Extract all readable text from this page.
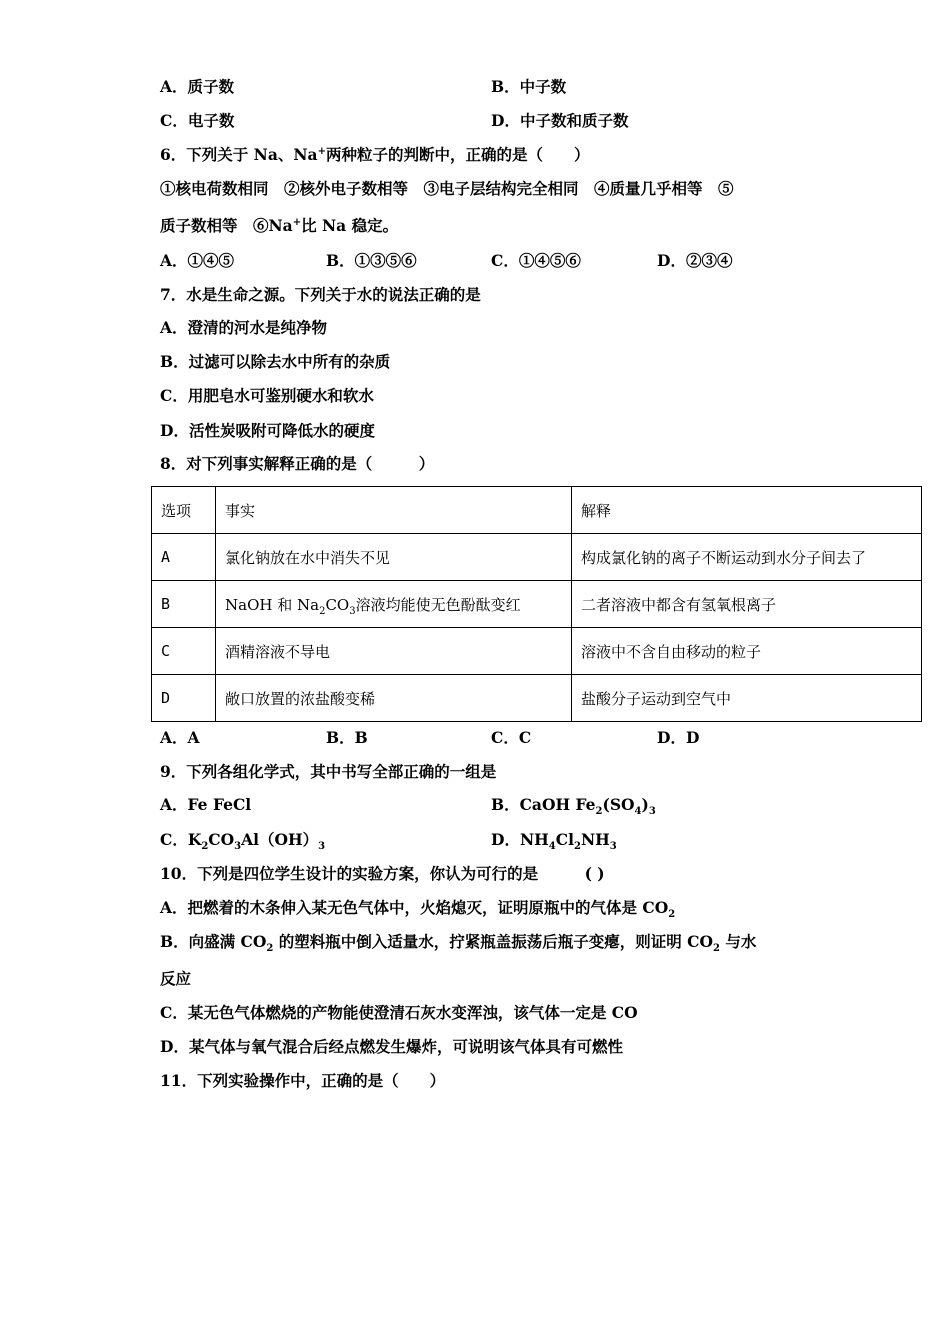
A．质子数	B．中子数
C．电子数	D．中子数和质子数
6．下列关于 Na、Na+两种粒子的判断中，正确的是（　　）
①核电荷数相同　②核外电子数相等　③电子层结构完全相同　④质量几乎相等　⑤
质子数相等　⑥Na+比 Na 稳定。
A．①④⑤	B．①③⑤⑥	C．①④⑤⑥	D．②③④
7．水是生命之源。下列关于水的说法正确的是
A．澄清的河水是纯净物
B．过滤可以除去水中所有的杂质
C．用肥皂水可鉴别硬水和软水
D．活性炭吸附可降低水的硬度
8．对下列事实解释正确的是（　　　）
选项	事实	解释
A	氯化钠放在水中消失不见	构成氯化钠的离子不断运动到水分子间去了
B	NaOH 和 $Na_2CO_3$溶液均能使无色酚酞变红	二者溶液中都含有氢氧根离子
C	酒精溶液不导电	溶液中不含自由移动的粒子
D	敞口放置的浓盐酸变稀	盐酸分子运动到空气中
A．A	B．B	C．C	D．D
9．下列各组化学式，其中书写全部正确的一组是
A．Fe FeCl	B．CaOH $Fe_2(SO_4)_3$
C．$K_2CO_3Al(OH)_3$	D．$NH_4Cl_2NH_3$
10．下列是四位学生设计的实验方案，你认为可行的是　　　( )
A．把燃着的木条伸入某无色气体中，火焰熄灭，证明原瓶中的气体是 $CO_2$
B．向盛满 $CO_2$ 的塑料瓶中倒入适量水，拧紧瓶盖振荡后瓶子变瘪，则证明 $CO_2$ 与水
反应
C．某无色气体燃烧的产物能使澄清石灰水变浑浊，该气体一定是 CO
D．某气体与氧气混合后经点燃发生爆炸，可说明该气体具有可燃性
11．下列实验操作中，正确的是（　　）
